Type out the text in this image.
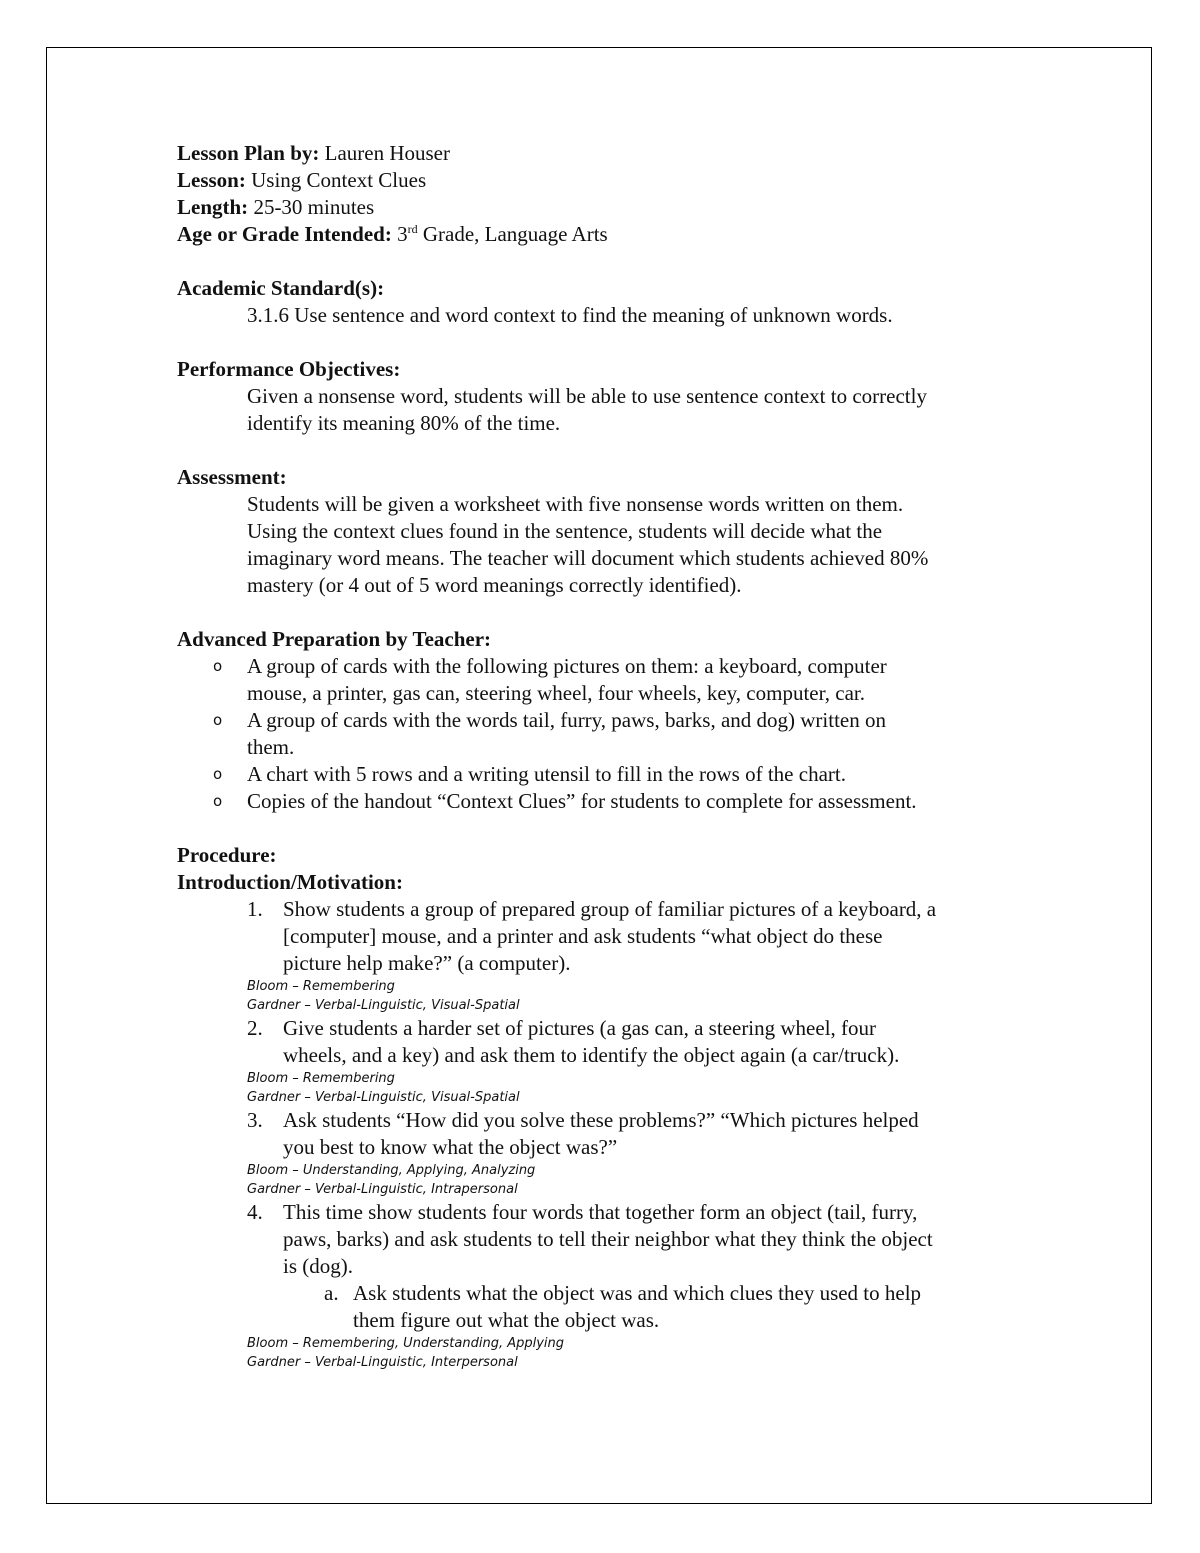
Lesson Plan by: Lauren Houser
Lesson: Using Context Clues
Length: 25-30 minutes
Age or Grade Intended: 3rd Grade, Language Arts
Academic Standard(s):
3.1.6 Use sentence and word context to find the meaning of unknown words.
Performance Objectives:
Given a nonsense word, students will be able to use sentence context to correctly
identify its meaning 80% of the time.
Assessment:
Students will be given a worksheet with five nonsense words written on them.
Using the context clues found in the sentence, students will decide what the
imaginary word means. The teacher will document which students achieved 80%
mastery (or 4 out of 5 word meanings correctly identified).
Advanced Preparation by Teacher:
o A group of cards with the following pictures on them: a keyboard, computer
mouse, a printer, gas can, steering wheel, four wheels, key, computer, car.
o A group of cards with the words tail, furry, paws, barks, and dog) written on
them.
o A chart with 5 rows and a writing utensil to fill in the rows of the chart.
o Copies of the handout “Context Clues” for students to complete for assessment.
Procedure:
Introduction/Motivation:
1. Show students a group of prepared group of familiar pictures of a keyboard, a
[computer] mouse, and a printer and ask students “what object do these
picture help make?” (a computer).
Bloom – Remembering
Gardner – Verbal-Linguistic, Visual-Spatial
2. Give students a harder set of pictures (a gas can, a steering wheel, four
wheels, and a key) and ask them to identify the object again (a car/truck).
Bloom – Remembering
Gardner – Verbal-Linguistic, Visual-Spatial
3. Ask students “How did you solve these problems?” “Which pictures helped
you best to know what the object was?”
Bloom – Understanding, Applying, Analyzing
Gardner – Verbal-Linguistic, Intrapersonal
4. This time show students four words that together form an object (tail, furry,
paws, barks) and ask students to tell their neighbor what they think the object
is (dog).
a. Ask students what the object was and which clues they used to help
them figure out what the object was.
Bloom – Remembering, Understanding, Applying
Gardner – Verbal-Linguistic, Interpersonal
